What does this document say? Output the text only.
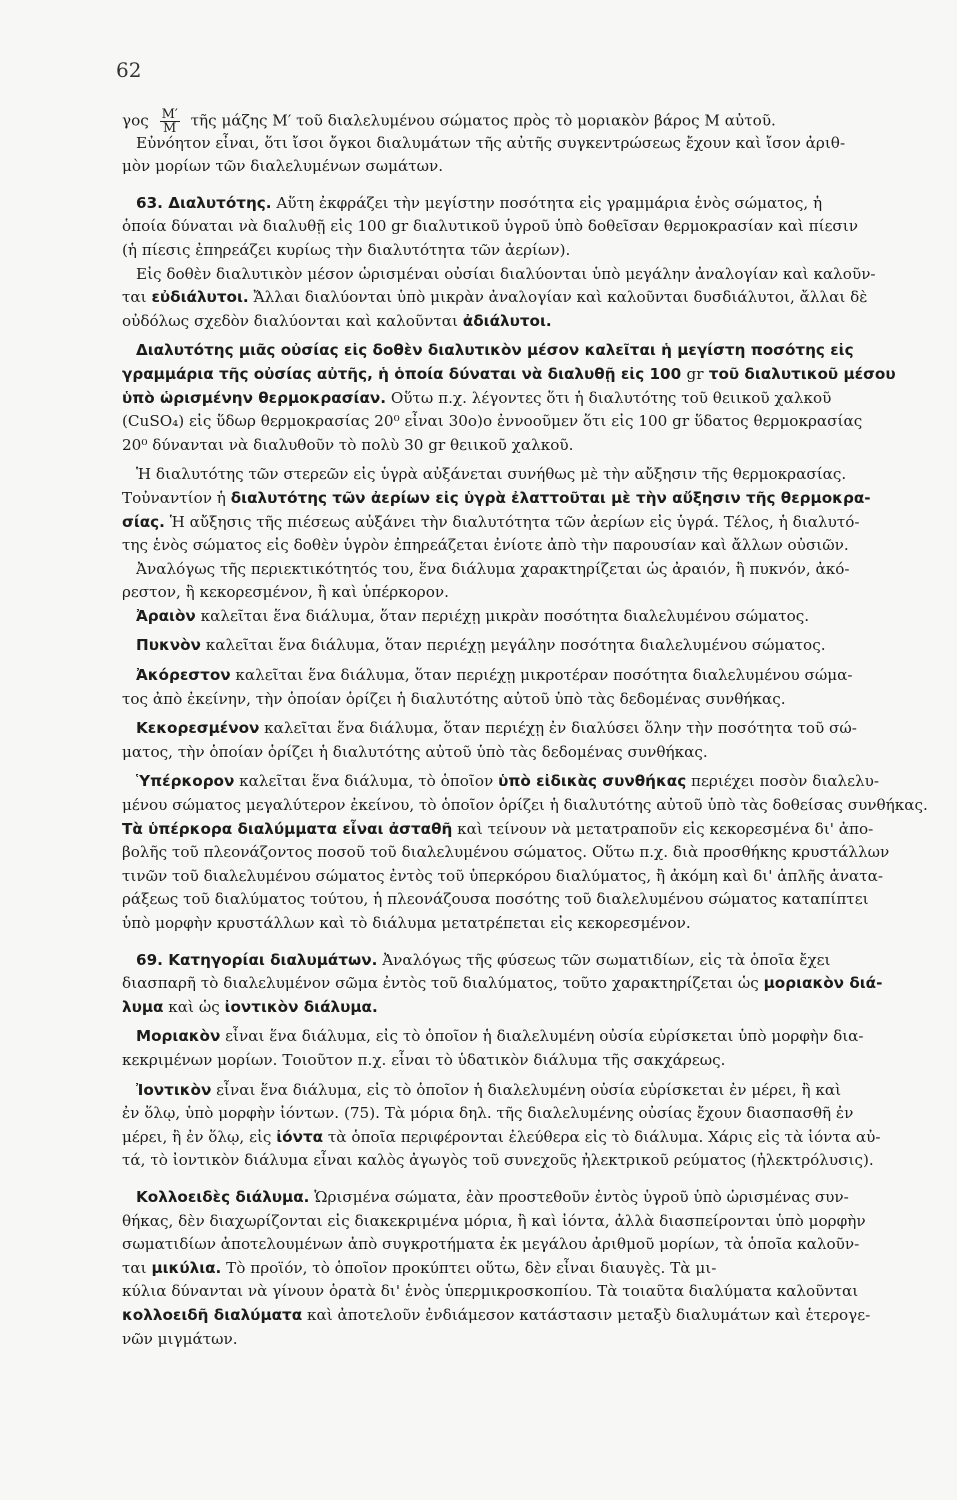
62
γος $\frac{M'}{M}$ τῆς μάζης Μ′ τοῦ διαλελυμένου σώματος πρὸς τὸ μοριακὸν βάρος Μ αὐτοῦ.
Εὐνόητον εἶναι, ὅτι ἴσοι ὄγκοι διαλυμάτων τῆς αὐτῆς συγκεντρώσεως ἔχουν καὶ ἴσον ἀριθ-
μὸν μορίων τῶν διαλελυμένων σωμάτων.
63. Διαλυτότης. Αὕτη ἐκφράζει τὴν μεγίστην ποσότητα εἰς γραμμάρια ἑνὸς σώματος, ἡ
ὁποία δύναται νὰ διαλυθῇ εἰς 100 gr διαλυτικοῦ ὑγροῦ ὑπὸ δοθεῖσαν θερμοκρασίαν καὶ πίεσιν
(ἡ πίεσις ἐπηρεάζει κυρίως τὴν διαλυτότητα τῶν ἀερίων).
Εἰς δοθὲν διαλυτικὸν μέσον ὡρισμέναι οὐσίαι διαλύονται ὑπὸ μεγάλην ἀναλογίαν καὶ καλοῦν-
ται εὐδιάλυτοι. Ἄλλαι διαλύονται ὑπὸ μικρὰν ἀναλογίαν καὶ καλοῦνται δυσδιάλυτοι, ἄλλαι δὲ
οὐδόλως σχεδὸν διαλύονται καὶ καλοῦνται ἀδιάλυτοι.
Διαλυτότης μιᾶς οὐσίας εἰς δοθὲν διαλυτικὸν μέσον καλεῖται ἡ μεγίστη ποσότης εἰς
γραμμάρια τῆς οὐσίας αὐτῆς, ἡ ὁποία δύναται νὰ διαλυθῇ εἰς 100 gr τοῦ διαλυτικοῦ μέσου
ὑπὸ ὡρισμένην θερμοκρασίαν. Οὕτω π.χ. λέγοντες ὅτι ἡ διαλυτότης τοῦ θειικοῦ χαλκοῦ
(CuSO₄) εἰς ὕδωρ θερμοκρασίας 20⁰ εἶναι 30ο)ο ἐννοοῦμεν ὅτι εἰς 100 gr ὕδατος θερμοκρασίας
20⁰ δύνανται νὰ διαλυθοῦν τὸ πολὺ 30 gr θειικοῦ χαλκοῦ.
Ἡ διαλυτότης τῶν στερεῶν εἰς ὑγρὰ αὐξάνεται συνήθως μὲ τὴν αὔξησιν τῆς θερμοκρασίας.
Τοὐναντίον ἡ διαλυτότης τῶν ἀερίων εἰς ὑγρὰ ἐλαττοῦται μὲ τὴν αὔξησιν τῆς θερμοκρα-
σίας. Ἡ αὔξησις τῆς πιέσεως αὐξάνει τὴν διαλυτότητα τῶν ἀερίων εἰς ὑγρά. Τέλος, ἡ διαλυτό-
της ἑνὸς σώματος εἰς δοθὲν ὑγρὸν ἐπηρεάζεται ἐνίοτε ἀπὸ τὴν παρουσίαν καὶ ἄλλων οὐσιῶν.
Ἀναλόγως τῆς περιεκτικότητός του, ἕνα διάλυμα χαρακτηρίζεται ὡς ἀραιόν, ἢ πυκνόν, ἀκό-
ρεστον, ἢ κεκορεσμένον, ἢ καὶ ὑπέρκορον.
Ἀραιὸν καλεῖται ἕνα διάλυμα, ὅταν περιέχῃ μικρὰν ποσότητα διαλελυμένου σώματος.
Πυκνὸν καλεῖται ἕνα διάλυμα, ὅταν περιέχῃ μεγάλην ποσότητα διαλελυμένου σώματος.
Ἀκόρεστον καλεῖται ἕνα διάλυμα, ὅταν περιέχῃ μικροτέραν ποσότητα διαλελυμένου σώμα-
τος ἀπὸ ἐκείνην, τὴν ὁποίαν ὁρίζει ἡ διαλυτότης αὐτοῦ ὑπὸ τὰς δεδομένας συνθήκας.
Κεκορεσμένον καλεῖται ἕνα διάλυμα, ὅταν περιέχῃ ἐν διαλύσει ὅλην τὴν ποσότητα τοῦ σώ-
ματος, τὴν ὁποίαν ὁρίζει ἡ διαλυτότης αὐτοῦ ὑπὸ τὰς δεδομένας συνθήκας.
Ὑπέρκορον καλεῖται ἕνα διάλυμα, τὸ ὁποῖον ὑπὸ εἰδικὰς συνθήκας περιέχει ποσὸν διαλελυ-
μένου σώματος μεγαλύτερον ἐκείνου, τὸ ὁποῖον ὁρίζει ἡ διαλυτότης αὐτοῦ ὑπὸ τὰς δοθείσας συνθήκας.
Τὰ ὑπέρκορα διαλύμματα εἶναι ἀσταθῆ καὶ τείνουν νὰ μετατραποῦν εἰς κεκορεσμένα δι' ἀπο-
βολῆς τοῦ πλεονάζοντος ποσοῦ τοῦ διαλελυμένου σώματος. Οὕτω π.χ. διὰ προσθήκης κρυστάλλων
τινῶν τοῦ διαλελυμένου σώματος ἐντὸς τοῦ ὑπερκόρου διαλύματος, ἢ ἀκόμη καὶ δι' ἁπλῆς ἀνατα-
ράξεως τοῦ διαλύματος τούτου, ἡ πλεονάζουσα ποσότης τοῦ διαλελυμένου σώματος καταπίπτει
ὑπὸ μορφὴν κρυστάλλων καὶ τὸ διάλυμα μετατρέπεται εἰς κεκορεσμένον.
69. Κατηγορίαι διαλυμάτων. Ἀναλόγως τῆς φύσεως τῶν σωματιδίων, εἰς τὰ ὁποῖα ἔχει
διασπαρῆ τὸ διαλελυμένον σῶμα ἐντὸς τοῦ διαλύματος, τοῦτο χαρακτηρίζεται ὡς μοριακὸν διά-
λυμα καὶ ὡς ἰοντικὸν διάλυμα.
Μοριακὸν εἶναι ἕνα διάλυμα, εἰς τὸ ὁποῖον ἡ διαλελυμένη οὐσία εὑρίσκεται ὑπὸ μορφὴν δια-
κεκριμένων μορίων. Τοιοῦτον π.χ. εἶναι τὸ ὑδατικὸν διάλυμα τῆς σακχάρεως.
Ἰοντικὸν εἶναι ἕνα διάλυμα, εἰς τὸ ὁποῖον ἡ διαλελυμένη οὐσία εὑρίσκεται ἐν μέρει, ἢ καὶ
ἐν ὅλῳ, ὑπὸ μορφὴν ἰόντων. (75). Τὰ μόρια δηλ. τῆς διαλελυμένης οὐσίας ἔχουν διασπασθῆ ἐν
μέρει, ἢ ἐν ὅλῳ, εἰς ἰόντα τὰ ὁποῖα περιφέρονται ἐλεύθερα εἰς τὸ διάλυμα. Χάρις εἰς τὰ ἰόντα αὐ-
τά, τὸ ἰοντικὸν διάλυμα εἶναι καλὸς ἀγωγὸς τοῦ συνεχοῦς ἠλεκτρικοῦ ρεύματος (ἠλεκτρόλυσις).
Κολλοειδὲς διάλυμα. Ὡρισμένα σώματα, ἐὰν προστεθοῦν ἐντὸς ὑγροῦ ὑπὸ ὡρισμένας συν-
θήκας, δὲν διαχωρίζονται εἰς διακεκριμένα μόρια, ἢ καὶ ἰόντα, ἀλλὰ διασπείρονται ὑπὸ μορφὴν
σωματιδίων ἀποτελουμένων ἀπὸ συγκροτήματα ἐκ μεγάλου ἀριθμοῦ μορίων, τὰ ὁποῖα καλοῦν-
ται μικύλια. Τὸ προϊόν, τὸ ὁποῖον προκύπτει οὕτω, δὲν εἶναι διαυγὲς. Τὰ μι-
κύλια δύνανται νὰ γίνουν ὁρατὰ δι' ἑνὸς ὑπερμικροσκοπίου. Τὰ τοιαῦτα διαλύματα καλοῦνται
κολλοειδῆ διαλύματα καὶ ἀποτελοῦν ἐνδιάμεσον κατάστασιν μεταξὺ διαλυμάτων καὶ ἑτερογε-
νῶν μιγμάτων.
